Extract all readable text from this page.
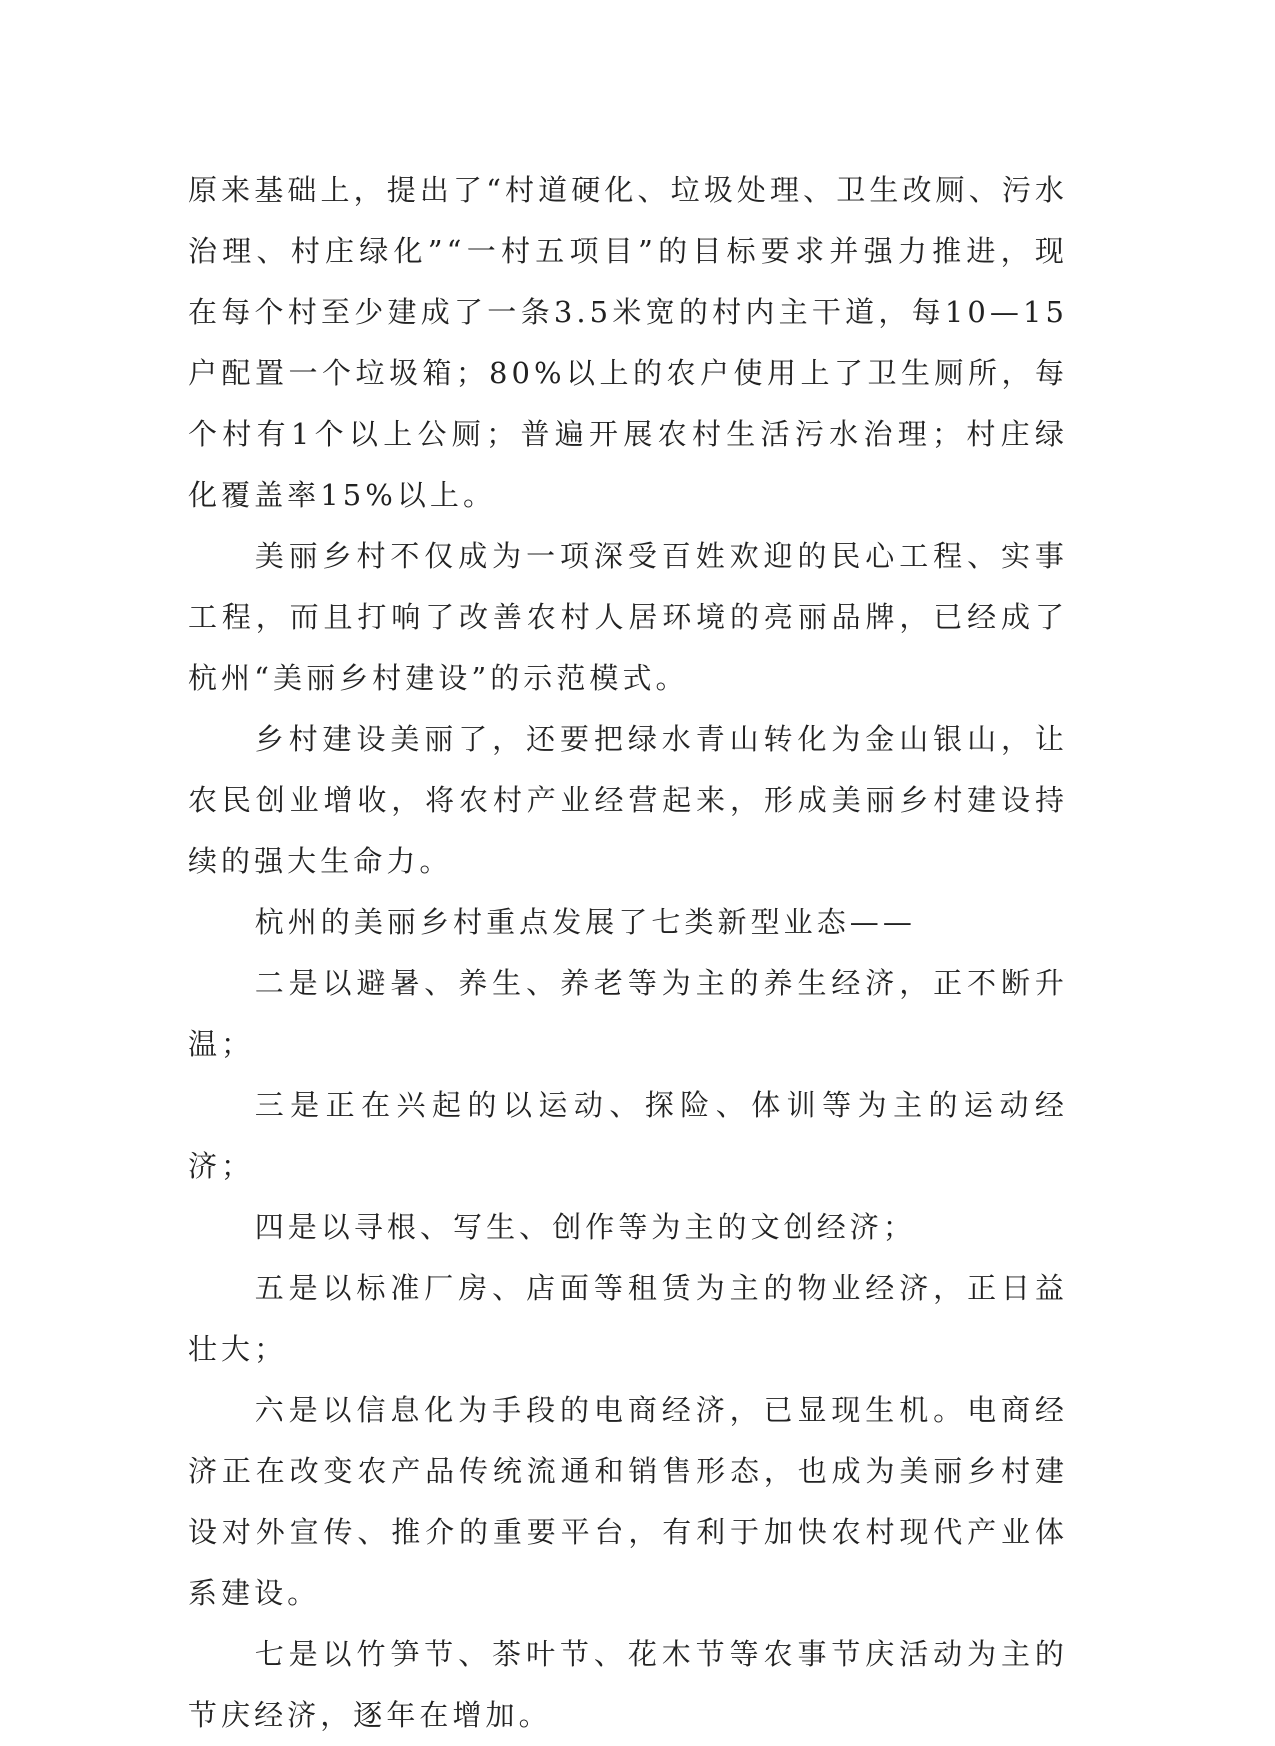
原来基础上，提出了“村道硬化、垃圾处理、卫生改厕、污水治理、村庄绿化”“一村五项目”的目标要求并强力推进，现在每个村至少建成了一条3.5米宽的村内主干道，每10—15户配置一个垃圾箱；80%以上的农户使用上了卫生厕所，每个村有1个以上公厕；普遍开展农村生活污水治理；村庄绿化覆盖率15%以上。

美丽乡村不仅成为一项深受百姓欢迎的民心工程、实事工程，而且打响了改善农村人居环境的亮丽品牌，已经成了杭州“美丽乡村建设”的示范模式。

乡村建设美丽了，还要把绿水青山转化为金山银山，让农民创业增收，将农村产业经营起来，形成美丽乡村建设持续的强大生命力。

杭州的美丽乡村重点发展了七类新型业态——

二是以避暑、养生、养老等为主的养生经济，正不断升温；

三是正在兴起的以运动、探险、体训等为主的运动经济；

四是以寻根、写生、创作等为主的文创经济；

五是以标准厂房、店面等租赁为主的物业经济，正日益壮大；

六是以信息化为手段的电商经济，已显现生机。电商经济正在改变农产品传统流通和销售形态，也成为美丽乡村建设对外宣传、推介的重要平台，有利于加快农村现代产业体系建设。

七是以竹笋节、茶叶节、花木节等农事节庆活动为主的节庆经济，逐年在增加。
